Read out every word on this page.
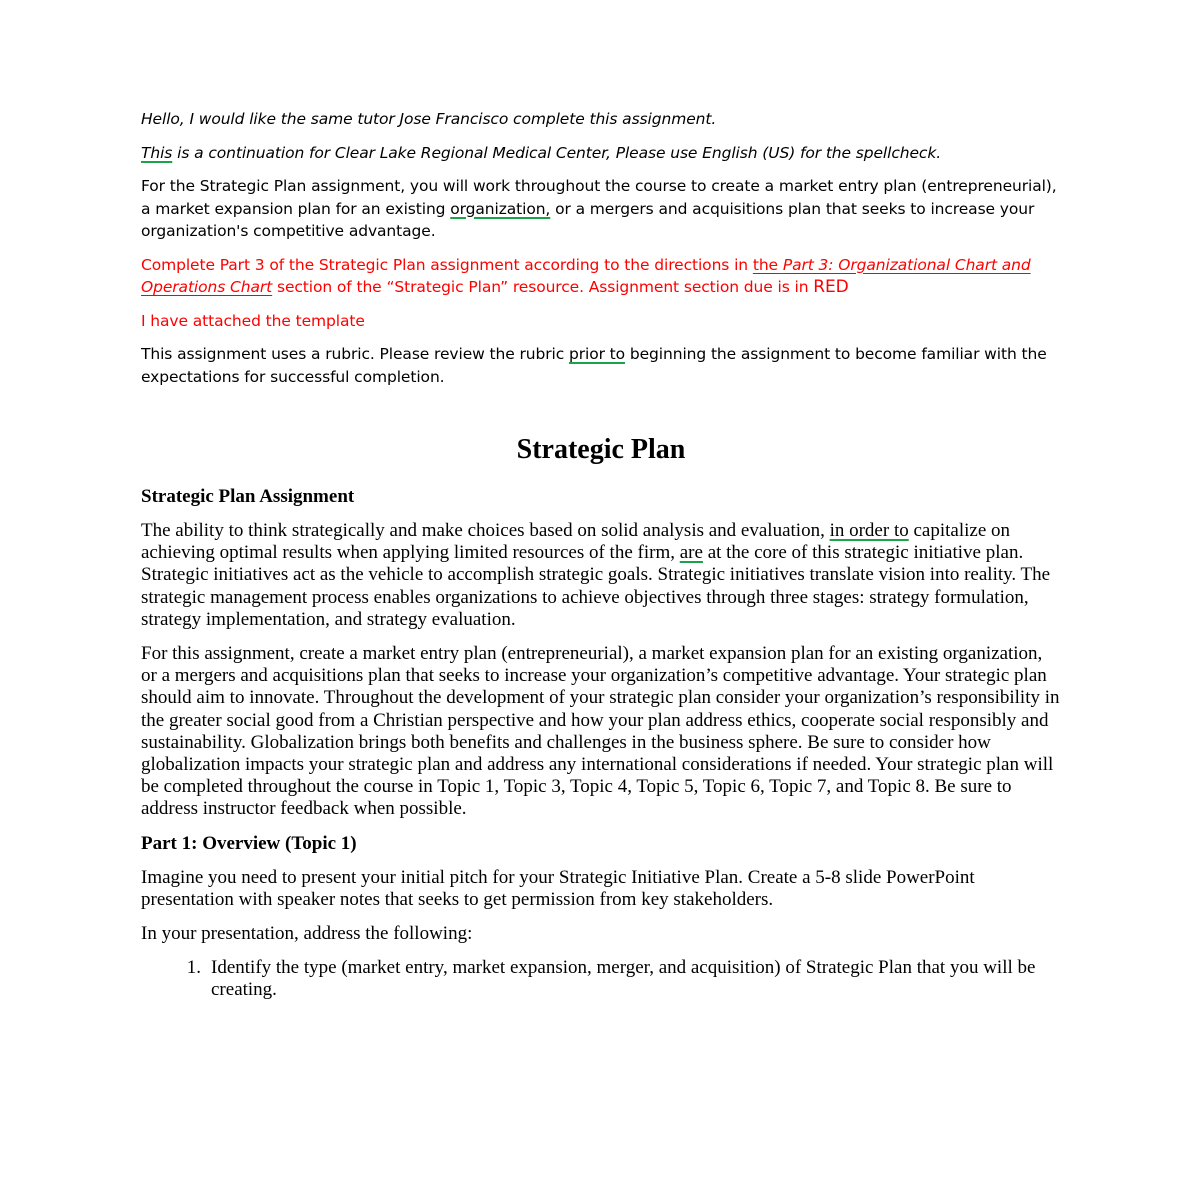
Hello, I would like the same tutor Jose Francisco complete this assignment.

This is a continuation for Clear Lake Regional Medical Center, Please use English (US) for the spellcheck.

For the Strategic Plan assignment, you will work throughout the course to create a market entry plan (entrepreneurial), a market expansion plan for an existing organization, or a mergers and acquisitions plan that seeks to increase your organization's competitive advantage.

Complete Part 3 of the Strategic Plan assignment according to the directions in the Part 3: Organizational Chart and Operations Chart section of the “Strategic Plan” resource. Assignment section due is in RED

I have attached the template

This assignment uses a rubric. Please review the rubric prior to beginning the assignment to become familiar with the expectations for successful completion.

Strategic Plan
Strategic Plan Assignment

The ability to think strategically and make choices based on solid analysis and evaluation, in order to capitalize on achieving optimal results when applying limited resources of the firm, are at the core of this strategic initiative plan. Strategic initiatives act as the vehicle to accomplish strategic goals. Strategic initiatives translate vision into reality. The strategic management process enables organizations to achieve objectives through three stages: strategy formulation, strategy implementation, and strategy evaluation.

For this assignment, create a market entry plan (entrepreneurial), a market expansion plan for an existing organization, or a mergers and acquisitions plan that seeks to increase your organization’s competitive advantage. Your strategic plan should aim to innovate. Throughout the development of your strategic plan consider your organization’s responsibility in the greater social good from a Christian perspective and how your plan address ethics, cooperate social responsibly and sustainability. Globalization brings both benefits and challenges in the business sphere. Be sure to consider how globalization impacts your strategic plan and address any international considerations if needed. Your strategic plan will be completed throughout the course in Topic 1, Topic 3, Topic 4, Topic 5, Topic 6, Topic 7, and Topic 8. Be sure to address instructor feedback when possible.

Part 1: Overview (Topic 1)

Imagine you need to present your initial pitch for your Strategic Initiative Plan. Create a 5-8 slide PowerPoint presentation with speaker notes that seeks to get permission from key stakeholders.

In your presentation, address the following:

1. Identify the type (market entry, market expansion, merger, and acquisition) of Strategic Plan that you will be creating.
